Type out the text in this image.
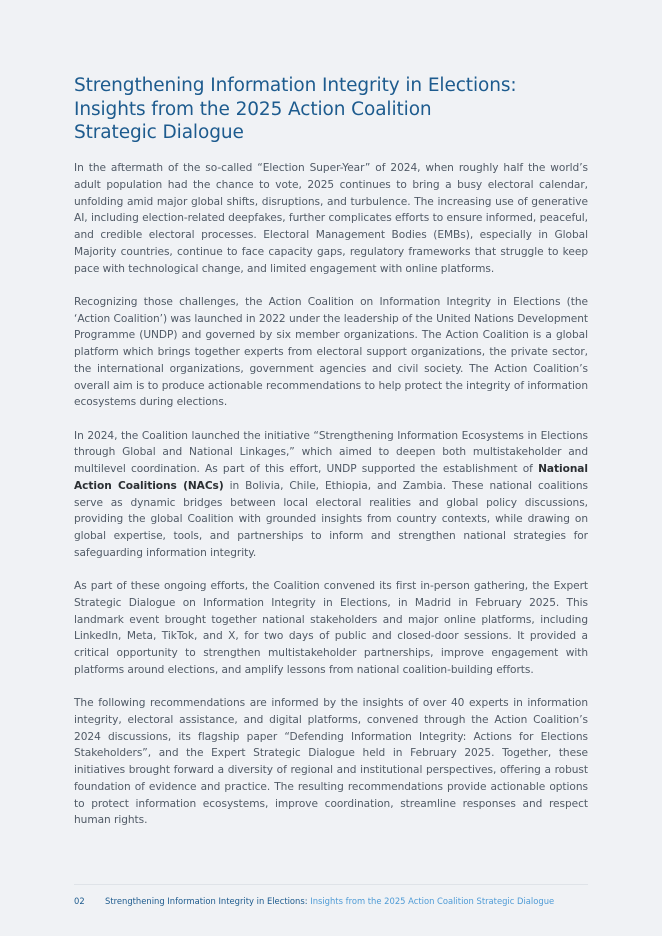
Strengthening Information Integrity in Elections:
Insights from the 2025 Action Coalition
Strategic Dialogue

In the aftermath of the so-called “Election Super-Year” of 2024, when roughly half the world’s adult population had the chance to vote, 2025 continues to bring a busy electoral calendar, unfolding amid major global shifts, disruptions, and turbulence. The increasing use of generative AI, including election-related deepfakes, further complicates efforts to ensure informed, peaceful, and credible electoral processes. Electoral Management Bodies (EMBs), especially in Global Majority countries, continue to face capacity gaps, regulatory frameworks that struggle to keep pace with technological change, and limited engagement with online platforms.

Recognizing those challenges, the Action Coalition on Information Integrity in Elections (the ‘Action Coalition’) was launched in 2022 under the leadership of the United Nations Development Programme (UNDP) and governed by six member organizations. The Action Coalition is a global platform which brings together experts from electoral support organizations, the private sector, the international organizations, government agencies and civil society. The Action Coalition’s overall aim is to produce actionable recommendations to help protect the integrity of information ecosystems during elections.

In 2024, the Coalition launched the initiative “Strengthening Information Ecosystems in Elections through Global and National Linkages,” which aimed to deepen both multistakeholder and multilevel coordination. As part of this effort, UNDP supported the establishment of National Action Coalitions (NACs) in Bolivia, Chile, Ethiopia, and Zambia. These national coalitions serve as dynamic bridges between local electoral realities and global policy discussions, providing the global Coalition with grounded insights from country contexts, while drawing on global expertise, tools, and partnerships to inform and strengthen national strategies for safeguarding information integrity.

As part of these ongoing efforts, the Coalition convened its first in-person gathering, the Expert Strategic Dialogue on Information Integrity in Elections, in Madrid in February 2025. This landmark event brought together national stakeholders and major online platforms, including LinkedIn, Meta, TikTok, and X, for two days of public and closed-door sessions. It provided a critical opportunity to strengthen multistakeholder partnerships, improve engagement with platforms around elections, and amplify lessons from national coalition-building efforts.

The following recommendations are informed by the insights of over 40 experts in information integrity, electoral assistance, and digital platforms, convened through the Action Coalition’s 2024 discussions, its flagship paper “Defending Information Integrity: Actions for Elections Stakeholders”, and the Expert Strategic Dialogue held in February 2025. Together, these initiatives brought forward a diversity of regional and institutional perspectives, offering a robust foundation of evidence and practice. The resulting recommendations provide actionable options to protect information ecosystems, improve coordination, streamline responses and respect human rights.

02 Strengthening Information Integrity in Elections: Insights from the 2025 Action Coalition Strategic Dialogue
